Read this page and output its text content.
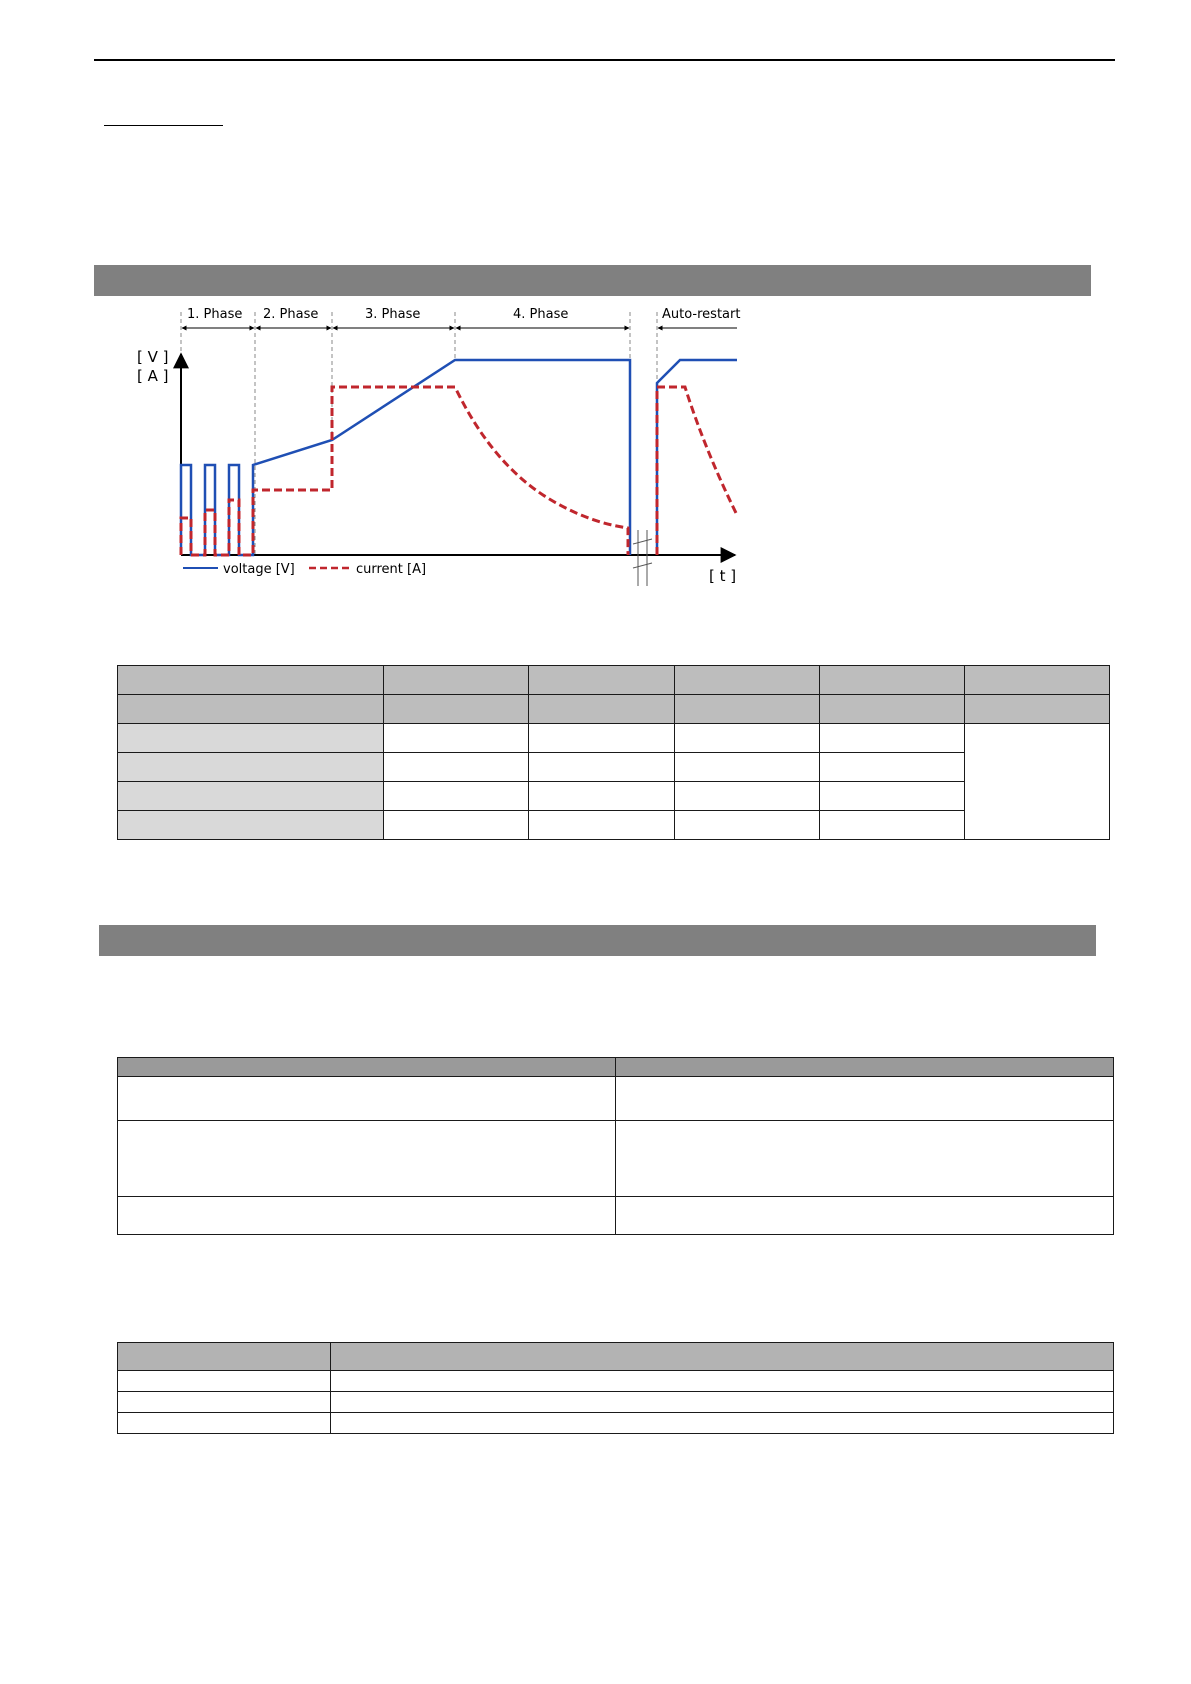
1. Phase 2. Phase	3. Phase	4. Phase	Auto-restart
[ V ]
[ A ]
[ t ]
voltage [V]	current [A]
